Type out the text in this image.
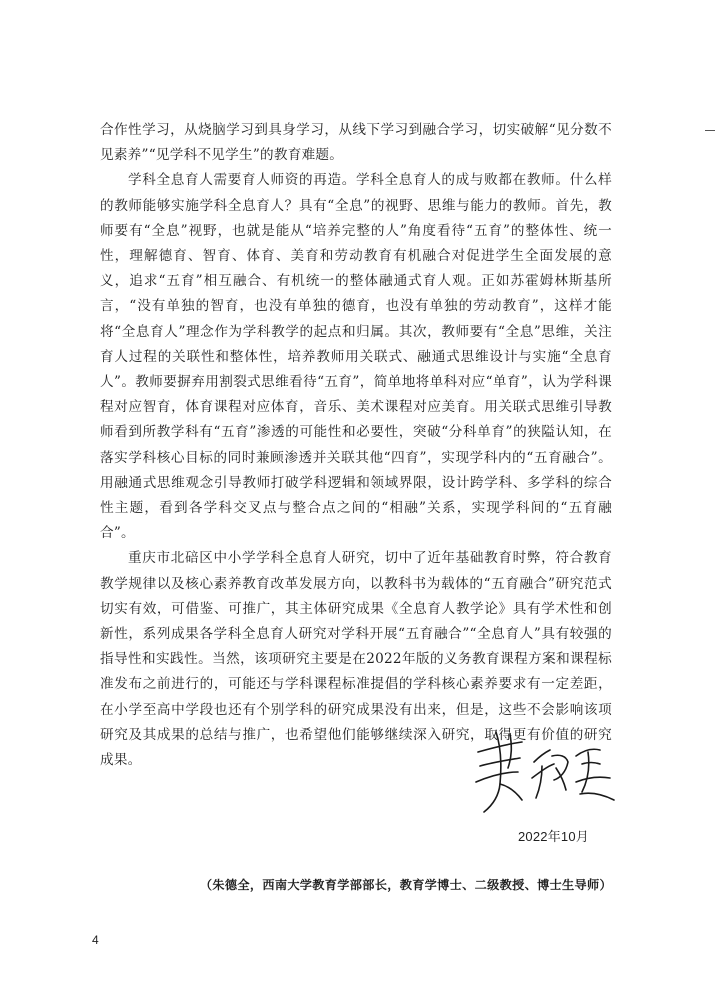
合作性学习，从烧脑学习到具身学习，从线下学习到融合学习，切实破解“见分数不见素养”“见学科不见学生”的教育难题。

学科全息育人需要育人师资的再造。学科全息育人的成与败都在教师。什么样的教师能够实施学科全息育人？具有“全息”的视野、思维与能力的教师。首先，教师要有“全息”视野，也就是能从“培养完整的人”角度看待“五育”的整体性、统一性，理解德育、智育、体育、美育和劳动教育有机融合对促进学生全面发展的意义，追求“五育”相互融合、有机统一的整体融通式育人观。正如苏霍姆林斯基所言，“没有单独的智育，也没有单独的德育，也没有单独的劳动教育”，这样才能将“全息育人”理念作为学科教学的起点和归属。其次，教师要有“全息”思维，关注育人过程的关联性和整体性，培养教师用关联式、融通式思维设计与实施“全息育人”。教师要摒弃用割裂式思维看待“五育”，简单地将单科对应“单育”，认为学科课程对应智育，体育课程对应体育，音乐、美术课程对应美育。用关联式思维引导教师看到所教学科有“五育”渗透的可能性和必要性，突破“分科单育”的狭隘认知，在落实学科核心目标的同时兼顾渗透并关联其他“四育”，实现学科内的“五育融合”。用融通式思维观念引导教师打破学科逻辑和领域界限，设计跨学科、多学科的综合性主题，看到各学科交叉点与整合点之间的“相融”关系，实现学科间的“五育融合”。

重庆市北碚区中小学学科全息育人研究，切中了近年基础教育时弊，符合教育教学规律以及核心素养教育改革发展方向，以教科书为载体的“五育融合”研究范式切实有效，可借鉴、可推广，其主体研究成果《全息育人教学论》具有学术性和创新性，系列成果各学科全息育人研究对学科开展“五育融合”“全息育人”具有较强的指导性和实践性。当然，该项研究主要是在2022年版的义务教育课程方案和课程标准发布之前进行的，可能还与学科课程标准提倡的学科核心素养要求有一定差距，在小学至高中学段也还有个别学科的研究成果没有出来，但是，这些不会影响该项研究及其成果的总结与推广，也希望他们能够继续深入研究，取得更有价值的研究成果。

2022年10月
（朱德全，西南大学教育学部部长，教育学博士、二级教授、博士生导师）
4
